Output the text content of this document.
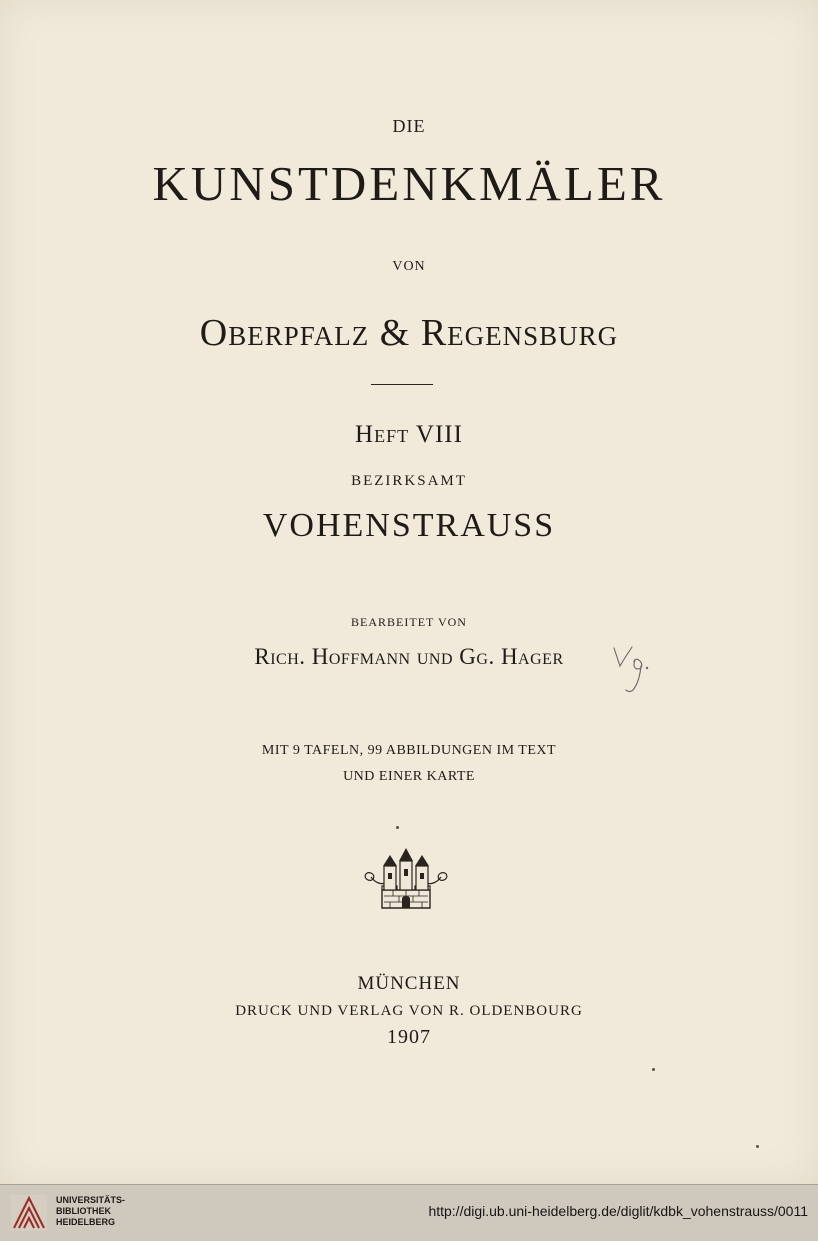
DIE
KUNSTDENKMÄLER
VON
Oberpfalz & Regensburg
Heft VIII
BEZIRKSAMT
VOHENSTRAUSS
BEARBEITET VON
Rich. Hoffmann und Gg. Hager
MIT 9 TAFELN, 99 ABBILDUNGEN IM TEXT
UND EINER KARTE
MÜNCHEN
DRUCK UND VERLAG VON R. OLDENBOURG
1907
UNIVERSITÄTS-
BIBLIOTHEK
HEIDELBERG
http://digi.ub.uni-heidelberg.de/diglit/kdbk_vohenstrauss/0011
